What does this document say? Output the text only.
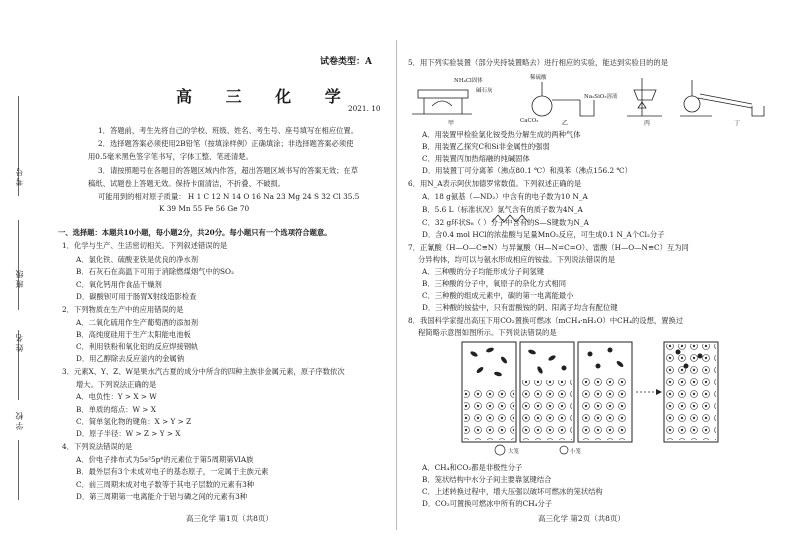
考号
班级
姓名
学校
试卷类型：A
高 三 化 学
2021. 10
1．答题前，考生先将自己的学校、班级、姓名、考生号、座号填写在相应位置。
2．选择题答案必须使用2B铅笔（按填涂样例）正确填涂；非选择题答案必须使
用0.5毫米黑色签字笔书写，字体工整、笔迹清楚。
3．请按照题号在各题目的答题区域内作答，超出答题区域书写的答案无效；在草
稿纸、试题卷上答题无效。保持卡面清洁，不折叠、不破损。
可能用到的相对原子质量： H 1 C 12 N 14 O 16 Na 23 Mg 24 S 32 Cl 35.5
K 39 Mn 55 Fe 56 Ge 70
一、选择题：本题共10小题，每小题2分，共20分。每小题只有一个选项符合题意。
1．化学与生产、生活密切相关。下列叙述错误的是
A．氯化铁、硫酸亚铁是优良的净水剂
B．石灰石在高温下可用于消除燃煤烟气中的SO₂
C．氧化钙用作食品干燥剂
D．碳酸钡可用于肠胃X射线造影检查
2．下列物质在生产中的应用错误的是
A．二氧化硫用作生产葡萄酒的添加剂
B．高纯度硅用于生产太阳能电池板
C．利用铁粉和氧化铝的反应焊接钢轨
D．用乙醇除去反应釜内的金属钠
3．元素X、Y、Z、W是果水汽古夏的成分中所含的四种主族非金属元素，原子序数依次
增大。下列说法正确的是
A．电负性：Y > X > W
B．单质的熔点：W > X
C．简单氢化物的键角：X > Y > Z
D．原子半径：W > Z > Y > X
4．下列说法错误的是
A．价电子排布式为5s²5p⁴的元素位于第5周期第ⅥA族
B．最外层有3个未成对电子的基态原子，一定属于主族元素
C．前三周期未成对电子数等于其电子层数的元素有3种
D．第三周期第一电离能介于铝与磷之间的元素有3种
高三化学 第1页（共8页）
5．用下列实验装置（部分夹持装置略去）进行相应的实验，能达到实验目的的是
NH₄Cl固体
碱石灰
甲
稀硫酸
CaCO₃
Na₂SiO₃溶液
乙	丙	丁
A．用装置甲检验氯化铵受热分解生成的两种气体
B．用装置乙探究C和Si非金属性的强弱
C．用装置丙加热熔融的纯碱固体
D．用装置丁可分离苯（沸点80.1 ℃）和溴苯（沸点156.2 ℃）
6．用N_A表示阿伏加德罗常数值。下列叙述正确的是
A．18 g氨基（—ND₂）中含有的电子数为10 N_A
B．5.6 L（标准状况）氯气含有的质子数为4N_A
C．32 g环状S₈（ ）分子中含有的S—S键数为N_A
D．含0.4 mol HCl的浓盐酸与足量MnO₂反应，可生成0.1 N_A个Cl₂分子
7．正氰酸（H—O—C≡N）与异氰酸（H—N=C=O）、雷酸（H—O—N≡C）互为同
分异构体，均可以与氨水形成相应的铵盐。下列说法错误的是
A．三种酸的分子均能形成分子间氢键
B．三种酸的分子中，氧原子的杂化方式相同
C．三种酸的组成元素中，碳的第一电离能最小
D．三种酸的铵盐中，只有雷酸铵的阴、阳离子均含有配位键
8．我国科学家提出高压下用CO₂置换可燃冰（mCH₄·nH₂O）中CH₄的设想，置换过
程简略示意图如图所示。下列说法错误的是
大笼	小笼
A．CH₄和CO₂都是非极性分子
B．笼状结构中水分子间主要靠氢键结合
C．上述转换过程中，增大压强以破坏可燃冰的笼状结构
D．CO₂可置换可燃冰中所有的CH₄分子
高三化学 第2页（共8页）
